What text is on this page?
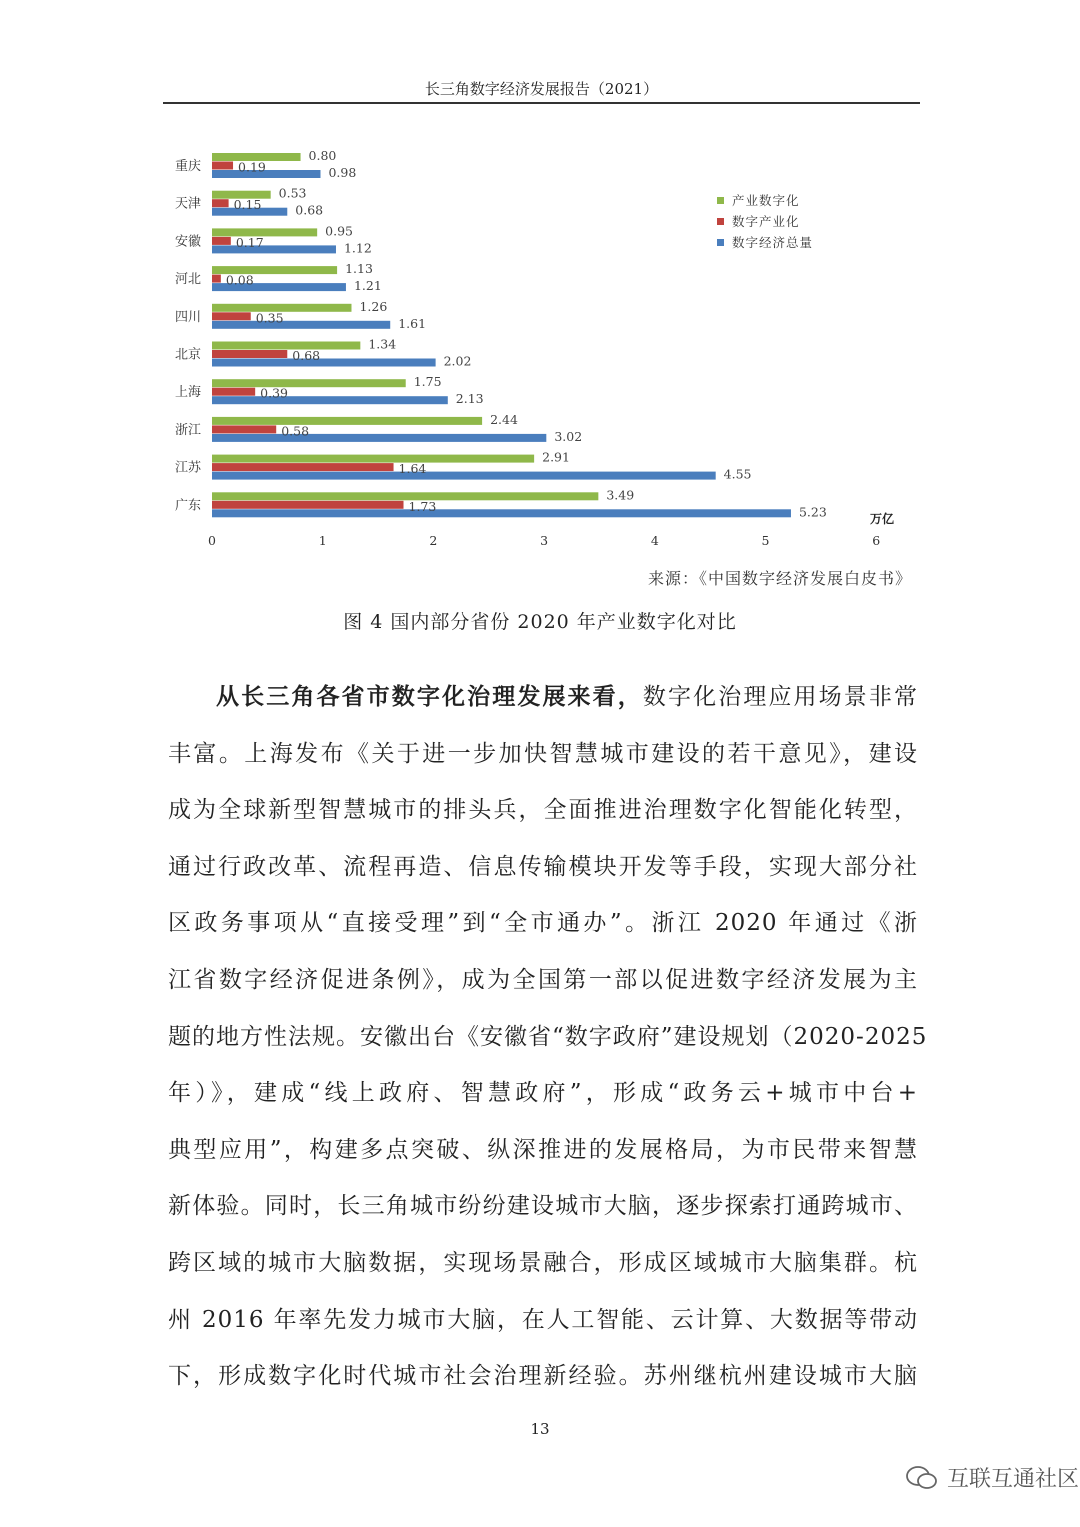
长三角数字经济发展报告（2021）
重庆
天津
安徽
河北
四川
北京
上海
浙江
江苏
广东
0.80
0.19	0.98
0.53
0.15	0.68
0.95
0.17	1.12
1.13
0.08	1.21
1.26
0.35	1.61
1.34
0.68	2.02
1.75
0.39	2.13
2.44
0.58	3.02
2.91
1.64	4.55
3.49
1.73	5.23
0	1	2	3	4	5	6
万亿
产业数字化
数字产业化
数字经济总量
来源：《中国数字经济发展白皮书》
图 4 国内部分省份 2020 年产业数字化对比
从长三角各省市数字化治理发展来看，数字化治理应用场景非常
丰富。上海发布《关于进一步加快智慧城市建设的若干意见》，建设
成为全球新型智慧城市的排头兵，全面推进治理数字化智能化转型，
通过行政改革、流程再造、信息传输模块开发等手段，实现大部分社
区政务事项从“直接受理”到“全市通办”。浙江 2020 年通过《浙
江省数字经济促进条例》，成为全国第一部以促进数字经济发展为主
题的地方性法规。安徽出台《安徽省“数字政府”建设规划（2020-2025
年）》，建成“线上政府、智慧政府”，形成“政务云+城市中台+
典型应用”，构建多点突破、纵深推进的发展格局，为市民带来智慧
新体验。同时，长三角城市纷纷建设城市大脑，逐步探索打通跨城市、
跨区域的城市大脑数据，实现场景融合，形成区域城市大脑集群。杭
州 2016 年率先发力城市大脑，在人工智能、云计算、大数据等带动
下，形成数字化时代城市社会治理新经验。苏州继杭州建设城市大脑
13
互联互通社区
